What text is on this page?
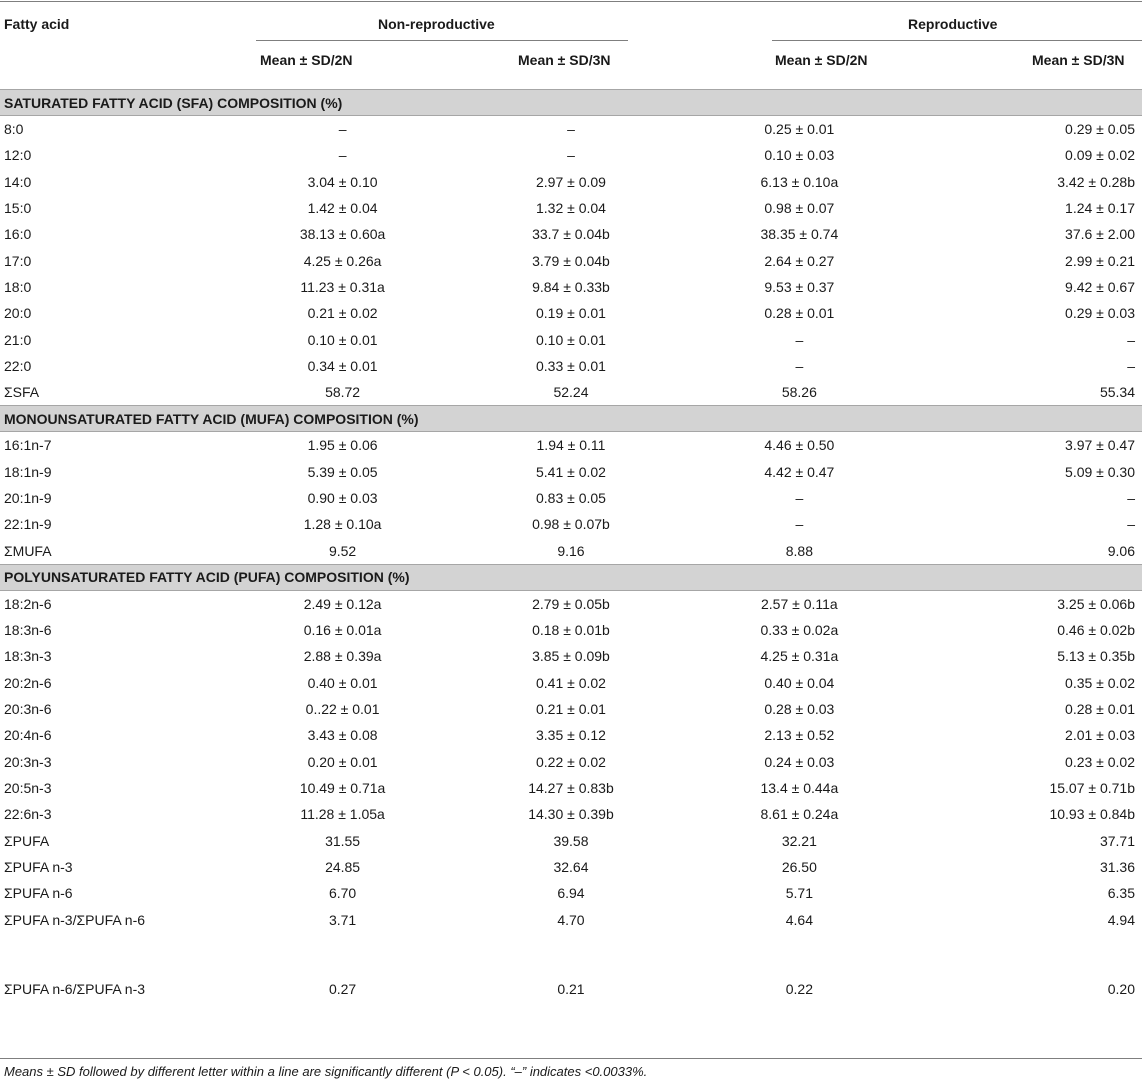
Fatty acid	Non-reproductive	Reproductive
Mean ± SD/2N	Mean ± SD/3N	Mean ± SD/2N	Mean ± SD/3N
SATURATED FATTY ACID (SFA) COMPOSITION (%)				
8:0	–	–	0.25 ± 0.01	0.29 ± 0.05
12:0	–	–	0.10 ± 0.03	0.09 ± 0.02
14:0	3.04 ± 0.10	2.97 ± 0.09	6.13 ± 0.10a	3.42 ± 0.28b
15:0	1.42 ± 0.04	1.32 ± 0.04	0.98 ± 0.07	1.24 ± 0.17
16:0	38.13 ± 0.60a	33.7 ± 0.04b	38.35 ± 0.74	37.6 ± 2.00
17:0	4.25 ± 0.26a	3.79 ± 0.04b	2.64 ± 0.27	2.99 ± 0.21
18:0	11.23 ± 0.31a	9.84 ± 0.33b	9.53 ± 0.37	9.42 ± 0.67
20:0	0.21 ± 0.02	0.19 ± 0.01	0.28 ± 0.01	0.29 ± 0.03
21:0	0.10 ± 0.01	0.10 ± 0.01	–	–
22:0	0.34 ± 0.01	0.33 ± 0.01	–	–
ΣSFA	58.72	52.24	58.26	55.34
MONOUNSATURATED FATTY ACID (MUFA) COMPOSITION (%)				
16:1n-7	1.95 ± 0.06	1.94 ± 0.11	4.46 ± 0.50	3.97 ± 0.47
18:1n-9	5.39 ± 0.05	5.41 ± 0.02	4.42 ± 0.47	5.09 ± 0.30
20:1n-9	0.90 ± 0.03	0.83 ± 0.05	–	–
22:1n-9	1.28 ± 0.10a	0.98 ± 0.07b	–	–
ΣMUFA	9.52	9.16	8.88	9.06
POLYUNSATURATED FATTY ACID (PUFA) COMPOSITION (%)				
18:2n-6	2.49 ± 0.12a	2.79 ± 0.05b	2.57 ± 0.11a	3.25 ± 0.06b
18:3n-6	0.16 ± 0.01a	0.18 ± 0.01b	0.33 ± 0.02a	0.46 ± 0.02b
18:3n-3	2.88 ± 0.39a	3.85 ± 0.09b	4.25 ± 0.31a	5.13 ± 0.35b
20:2n-6	0.40 ± 0.01	0.41 ± 0.02	0.40 ± 0.04	0.35 ± 0.02
20:3n-6	0..22 ± 0.01	0.21 ± 0.01	0.28 ± 0.03	0.28 ± 0.01
20:4n-6	3.43 ± 0.08	3.35 ± 0.12	2.13 ± 0.52	2.01 ± 0.03
20:3n-3	0.20 ± 0.01	0.22 ± 0.02	0.24 ± 0.03	0.23 ± 0.02
20:5n-3	10.49 ± 0.71a	14.27 ± 0.83b	13.4 ± 0.44a	15.07 ± 0.71b
22:6n-3	11.28 ± 1.05a	14.30 ± 0.39b	8.61 ± 0.24a	10.93 ± 0.84b
ΣPUFA	31.55	39.58	32.21	37.71
ΣPUFA n-3	24.85	32.64	26.50	31.36
ΣPUFA n-6	6.70	6.94	5.71	6.35
ΣPUFA n-3/ΣPUFA n-6	3.71	4.70	4.64	4.94
ΣPUFA n-6/ΣPUFA n-3	0.27	0.21	0.22	0.20
Means ± SD followed by different letter within a line are significantly different (P < 0.05). “–” indicates <0.0033%.
